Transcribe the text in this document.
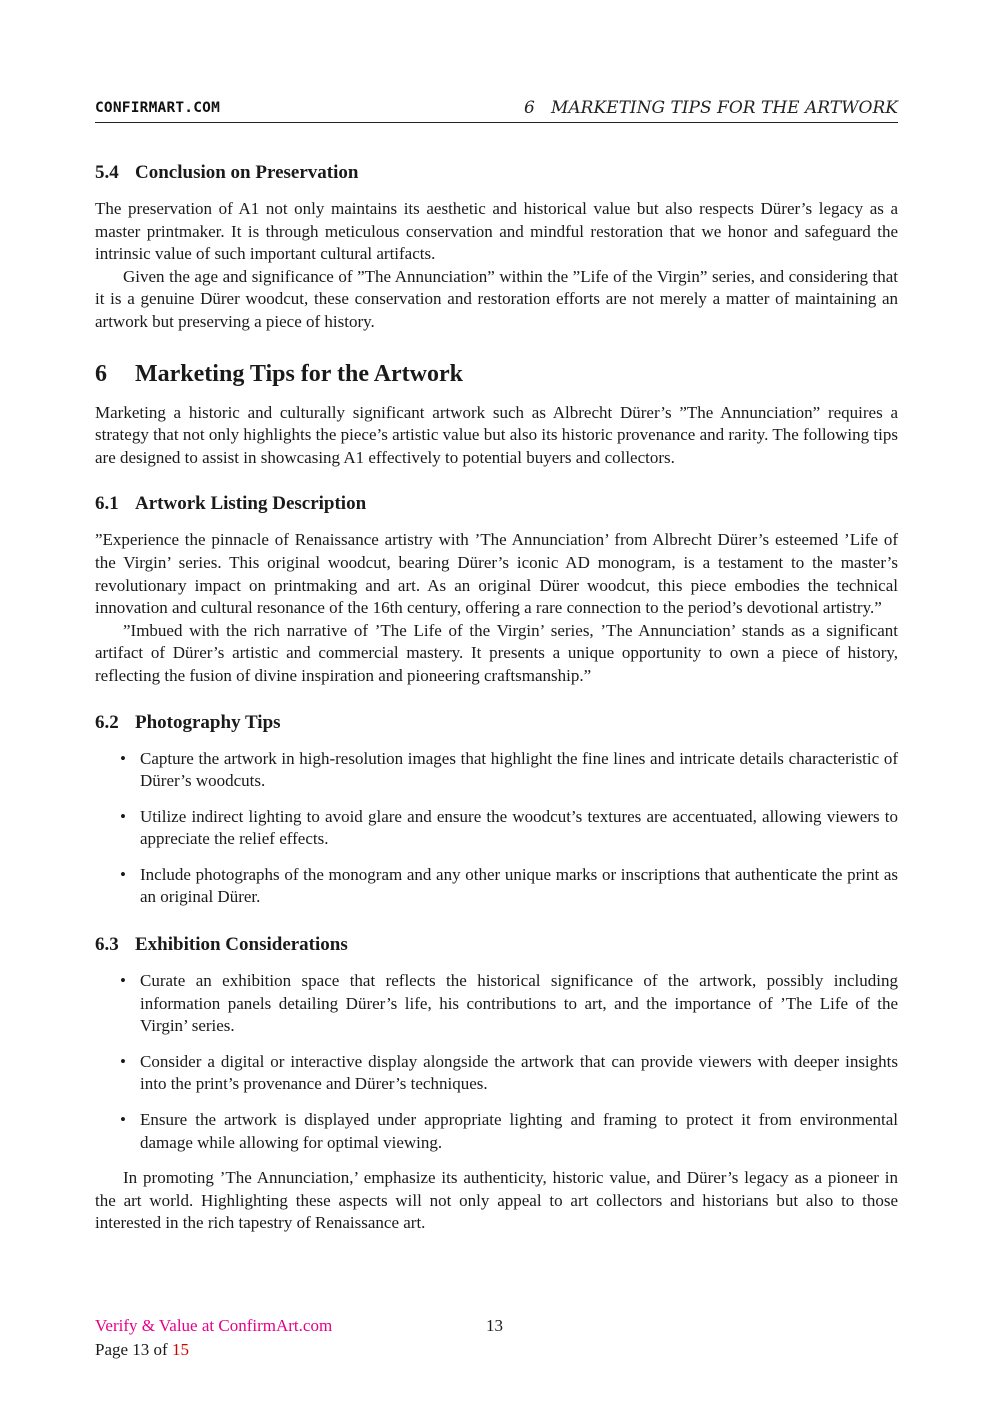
CONFIRMART.COM	6   MARKETING TIPS FOR THE ARTWORK
5.4 Conclusion on Preservation

The preservation of A1 not only maintains its aesthetic and historical value but also respects Dürer’s legacy as a master printmaker. It is through meticulous conservation and mindful restoration that we honor and safeguard the intrinsic value of such important cultural artifacts.

Given the age and significance of ”The Annunciation” within the ”Life of the Virgin” series, and considering that it is a genuine Dürer woodcut, these conservation and restoration efforts are not merely a matter of maintaining an artwork but preserving a piece of history.

6 Marketing Tips for the Artwork

Marketing a historic and culturally significant artwork such as Albrecht Dürer’s ”The Annunciation” requires a strategy that not only highlights the piece’s artistic value but also its historic provenance and rarity. The following tips are designed to assist in showcasing A1 effectively to potential buyers and collectors.

6.1 Artwork Listing Description

”Experience the pinnacle of Renaissance artistry with ’The Annunciation’ from Albrecht Dürer’s esteemed ’Life of the Virgin’ series. This original woodcut, bearing Dürer’s iconic AD monogram, is a testament to the master’s revolutionary impact on printmaking and art. As an original Dürer woodcut, this piece embodies the technical innovation and cultural resonance of the 16th century, offering a rare connection to the period’s devotional artistry.”

”Imbued with the rich narrative of ’The Life of the Virgin’ series, ’The Annunciation’ stands as a significant artifact of Dürer’s artistic and commercial mastery. It presents a unique opportunity to own a piece of history, reflecting the fusion of divine inspiration and pioneering craftsmanship.”

6.2 Photography Tips
• Capture the artwork in high-resolution images that highlight the fine lines and intricate details characteristic of Dürer’s woodcuts.
• Utilize indirect lighting to avoid glare and ensure the woodcut’s textures are accentuated, allowing viewers to appreciate the relief effects.
• Include photographs of the monogram and any other unique marks or inscriptions that authenticate the print as an original Dürer.
6.3 Exhibition Considerations
• Curate an exhibition space that reflects the historical significance of the artwork, possibly including information panels detailing Dürer’s life, his contributions to art, and the importance of ’The Life of the Virgin’ series.
• Consider a digital or interactive display alongside the artwork that can provide viewers with deeper insights into the print’s provenance and Dürer’s techniques.
• Ensure the artwork is displayed under appropriate lighting and framing to protect it from environmental damage while allowing for optimal viewing.

In promoting ’The Annunciation,’ emphasize its authenticity, historic value, and Dürer’s legacy as a pioneer in the art world. Highlighting these aspects will not only appeal to art collectors and historians but also to those interested in the rich tapestry of Renaissance art.

Verify & Value at ConfirmArt.com	13
Page 13 of 15
